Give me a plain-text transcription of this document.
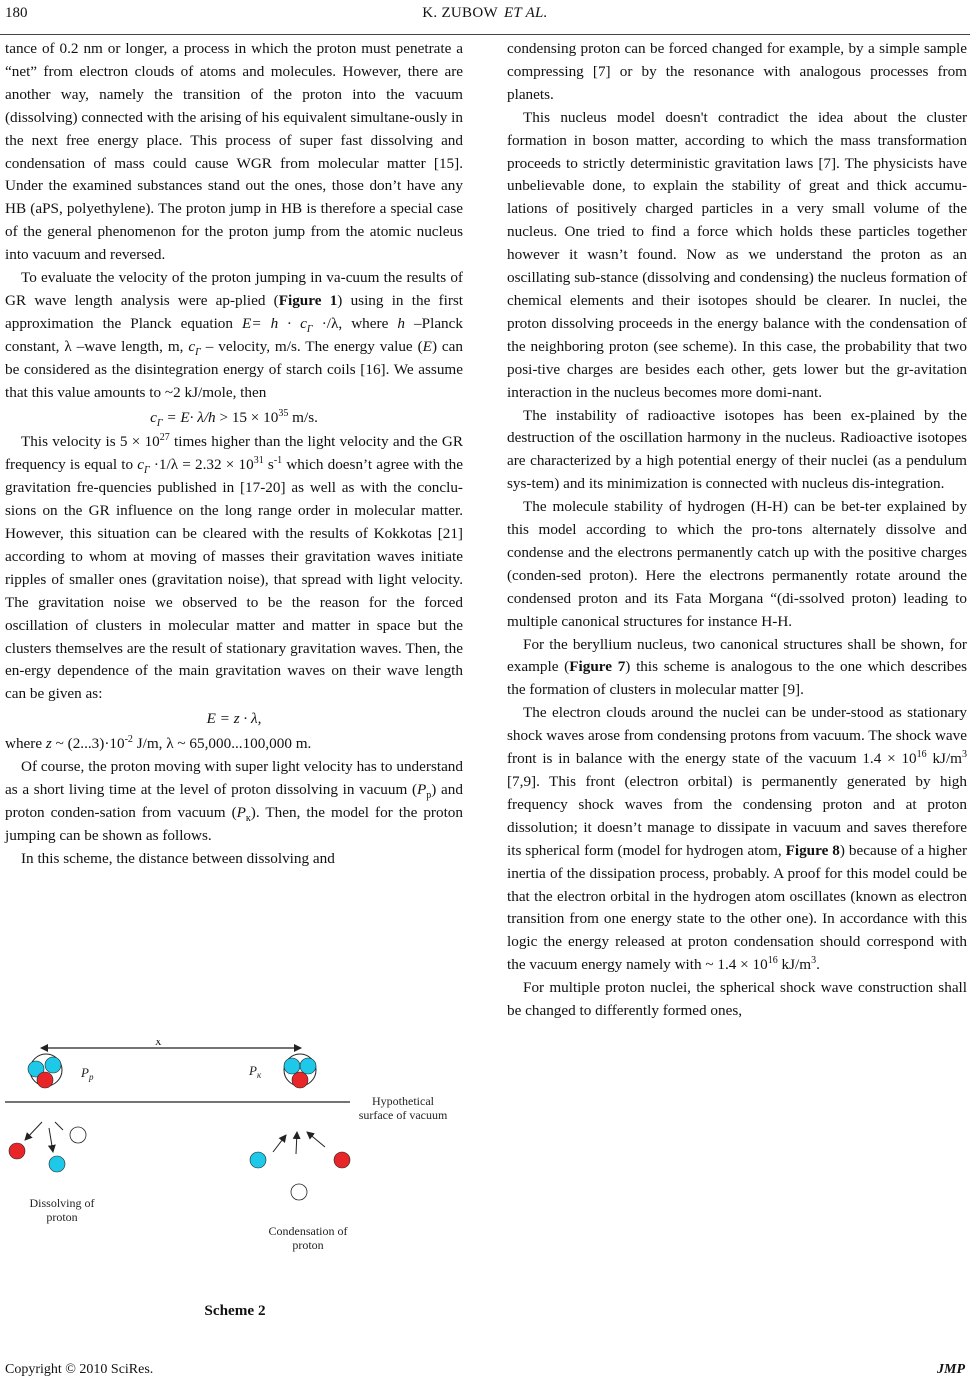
180	K. ZUBOW ET AL.

tance of 0.2 nm or longer, a process in which the proton must penetrate a “net” from electron clouds of atoms and molecules. However, there are another way, namely the transition of the proton into the vacuum (dissolving) connected with the arising of his equivalent simultane-ously in the next free energy place. This process of super fast dissolving and condensation of mass could cause WGR from molecular matter [15]. Under the examined substances stand out the ones, those don’t have any HB (aPS, polyethylene). The proton jump in HB is therefore a special case of the general phenomenon for the proton jump from the atomic nucleus into vacuum and reversed.

To evaluate the velocity of the proton jumping in va-cuum the results of GR wave length analysis were ap-plied (Figure 1) using in the first approximation the Planck equation $E= h \cdot c_Г \cdot/\lambda$, where h –Planck constant, λ –wave length, m, $c_Г$ – velocity, m/s. The energy value (E) can be considered as the disintegration energy of starch coils [16]. We assume that this value amounts to ~2 kJ/mole, then

$c_Г = E\cdot \lambda/h > 15 \times 10^{35}$ m/s.

This velocity is $5 \times 10^{27}$ times higher than the light velocity and the GR frequency is equal to $c_Г \cdot 1/\lambda = 2.32 \times 10^{31}$ $s^{-1}$ which doesn’t agree with the gravitation fre-quencies published in [17-20] as well as with the conclu-sions on the GR influence on the long range order in molecular matter. However, this situation can be cleared with the results of Kokkotas [21] according to whom at moving of masses their gravitation waves initiate ripples of smaller ones (gravitation noise), that spread with light velocity. The gravitation noise we observed to be the reason for the forced oscillation of clusters in molecular matter and matter in space but the clusters themselves are the result of stationary gravitation waves. Then, the en-ergy dependence of the main gravitation waves on their wave length can be given as:

E = z · λ,

where z ~ $(2...3)\cdot 10^{-2}$ J/m, λ ~ 65,000...100,000 m.

Of course, the proton moving with super light velocity has to understand as a short living time at the level of proton dissolving in vacuum $(P_p)$ and proton conden-sation from vacuum $(P_к)$. Then, the model for the proton jumping can be shown as follows.

In this scheme, the distance between dissolving and

x
$P_p$	$P_к$
Hypothetical
surface of vacuum
Dissolving of
proton
Condensation of
proton
Scheme 2

condensing proton can be forced changed for example, by a simple sample compressing [7] or by the resonance with analogous processes from planets.

This nucleus model doesn't contradict the idea about the cluster formation in boson matter, according to which the mass transformation proceeds to strictly deterministic gravitation laws [7]. The physicists have unbelievable done, to explain the stability of great and thick accumu-lations of positively charged particles in a very small volume of the nucleus. One tried to find a force which holds these particles together however it wasn’t found. Now as we understand the proton as an oscillating sub-stance (dissolving and condensing) the nucleus formation of chemical elements and their isotopes should be clearer. In nuclei, the proton dissolving proceeds in the energy balance with the condensation of the neighboring proton (see scheme). In this case, the probability that two posi-tive charges are besides each other, gets lower but the gr-avitation interaction in the nucleus becomes more domi-nant.

The instability of radioactive isotopes has been ex-plained by the destruction of the oscillation harmony in the nucleus. Radioactive isotopes are characterized by a high potential energy of their nuclei (as a pendulum sys-tem) and its minimization is connected with nucleus dis-integration.

The molecule stability of hydrogen (H-H) can be bet-ter explained by this model according to which the pro-tons alternately dissolve and condense and the electrons permanently catch up with the positive charges (conden-sed proton). Here the electrons permanently rotate around the condensed proton and its Fata Morgana “(di-ssolved proton) leading to multiple canonical structures for instance H-H.

For the beryllium nucleus, two canonical structures shall be shown, for example (Figure 7) this scheme is analogous to the one which describes the formation of clusters in molecular matter [9].

The electron clouds around the nuclei can be under-stood as stationary shock waves arose from condensing protons from vacuum. The shock wave front is in balance with the energy state of the vacuum $1.4 \times 10^{16}$ $kJ/m^3$ [7,9]. This front (electron orbital) is permanently generated by high frequency shock waves from the condensing proton and at proton dissolution; it doesn’t manage to dissipate in vacuum and saves therefore its spherical form (model for hydrogen atom, Figure 8) because of a higher inertia of the dissipation process, probably. A proof for this model could be that the electron orbital in the hydrogen atom oscillates (known as electron transition from one energy state to the other one). In accordance with this logic the energy released at proton condensation should correspond with the vacuum energy namely with ~ $1.4 \times 10^{16}$ $kJ/m^3$.

For multiple proton nuclei, the spherical shock wave construction shall be changed to differently formed ones,

Copyright © 2010 SciRes.	JMP
